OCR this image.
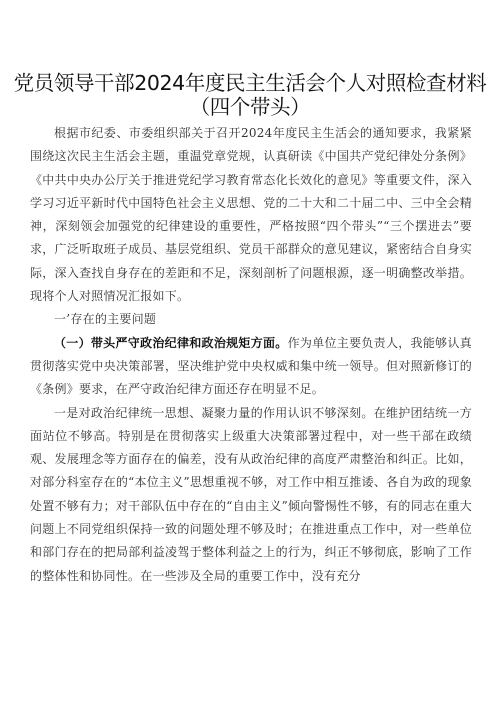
党员领导干部2024年度民主生活会个人对照检查材料
（四个带头）

根据市纪委、市委组织部关于召开2024年度民主生活会的通知要求，我紧紧围绕这次民主生活会主题，重温党章党规，认真研读《中国共产党纪律处分条例》《中共中央办公厅关于推进党纪学习教育常态化长效化的意见》等重要文件，深入学习习近平新时代中国特色社会主义思想、党的二十大和二十届二中、三中全会精神，深刻领会加强党的纪律建设的重要性，严格按照“四个带头”“三个摆进去”要求，广泛听取班子成员、基层党组织、党员干部群众的意见建议，紧密结合自身实际，深入查找自身存在的差距和不足，深刻剖析了问题根源，逐一明确整改举措。现将个人对照情况汇报如下。

一’存在的主要问题

（一）带头严守政治纪律和政治规矩方面。作为单位主要负责人，我能够认真贯彻落实党中央决策部署，坚决维护党中央权威和集中统一领导。但对照新修订的《条例》要求，在严守政治纪律方面还存在明显不足。

一是对政治纪律统一思想、凝聚力量的作用认识不够深刻。在维护团结统一方面站位不够高。特别是在贯彻落实上级重大决策部署过程中，对一些干部在政绩观、发展理念等方面存在的偏差，没有从政治纪律的高度严肃整治和纠正。比如，对部分科室存在的“本位主义”思想重视不够，对工作中相互推诿、各自为政的现象处置不够有力；对干部队伍中存在的“自由主义”倾向警惕性不够，有的同志在重大问题上不同党组织保持一致的问题处理不够及时；在推进重点工作中，对一些单位和部门存在的把局部利益凌驾于整体利益之上的行为，纠正不够彻底，影响了工作的整体性和协同性。在一些涉及全局的重要工作中，没有充分
